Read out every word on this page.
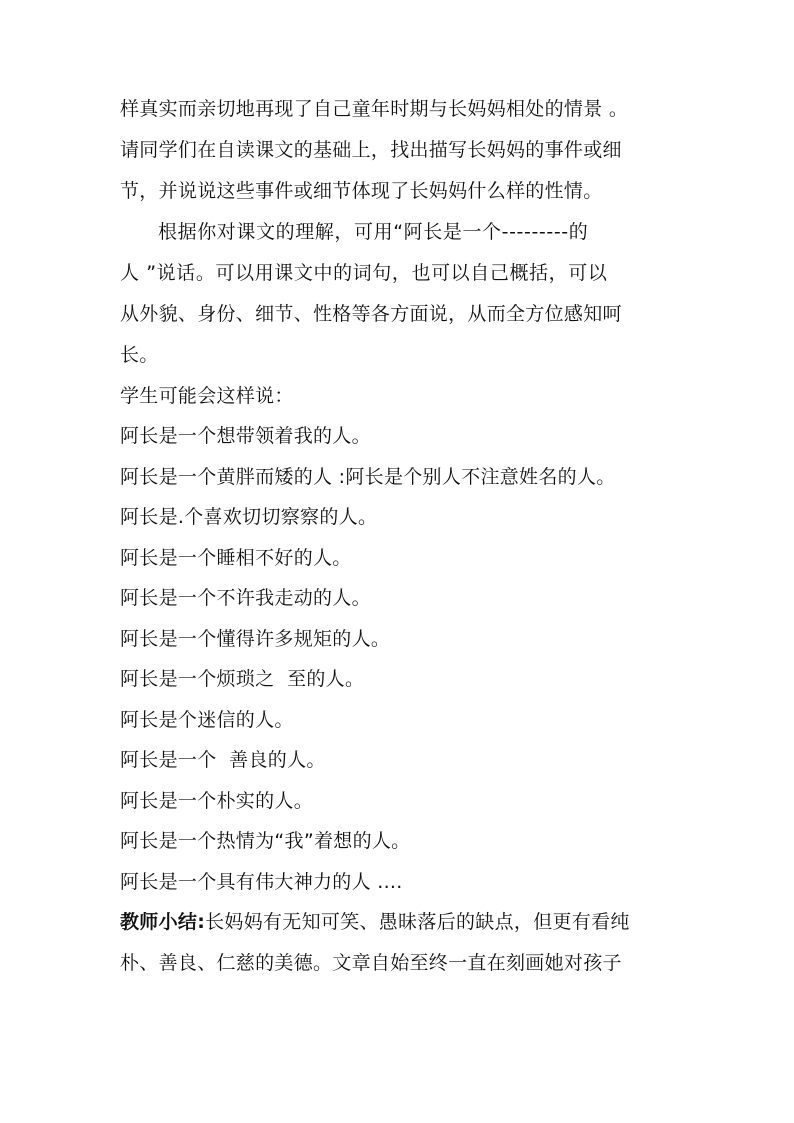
样真实而亲切地再现了自己童年时期与长妈妈相处的情景 。

请同学们在自读课文的基础上，找出描写长妈妈的事件或细

节，并说说这些事件或细节体现了长妈妈什么样的性情。

根据你对课文的理解，可用“阿长是一个---------的

人 ”说话。可以用课文中的词句，也可以自己概括，可以

从外貌、身份、细节、性格等各方面说，从而全方位感知呵

长。

学生可能会这样说：

阿长是一个想带领着我的人。

阿长是一个黄胖而矮的人 :阿长是个别人不注意姓名的人。

阿长是.个喜欢切切察察的人。

阿长是一个睡相不好的人。

阿长是一个不许我走动的人。

阿长是一个懂得许多规矩的人。

阿长是一个烦琐之  至的人。

阿长是个迷信的人。

阿长是一个  善良的人。

阿长是一个朴实的人。

阿长是一个热情为“我”着想的人。

阿长是一个具有伟大神力的人 ....

教师小结:长妈妈有无知可笑、愚昧落后的缺点，但更有看纯

朴、善良、仁慈的美德。文章自始至终一直在刻画她对孩子
